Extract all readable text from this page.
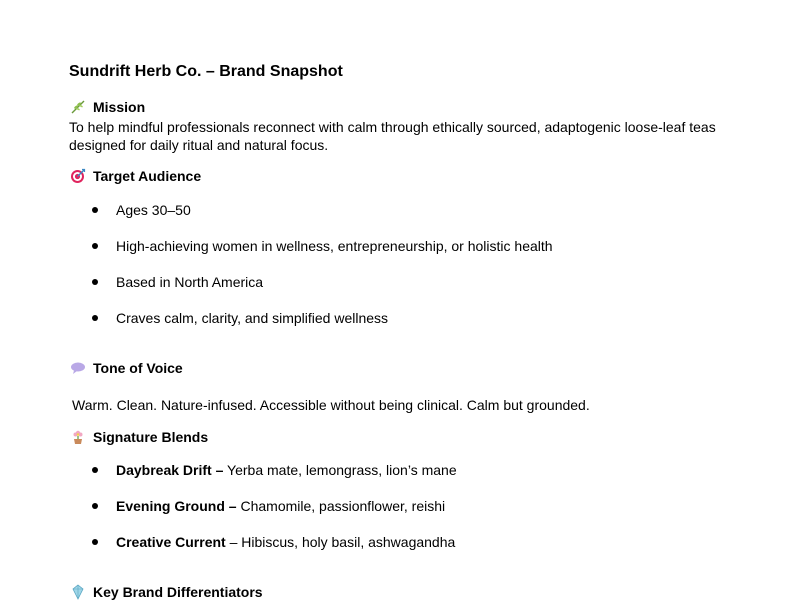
Sundrift Herb Co. – Brand Snapshot
Mission
To help mindful professionals reconnect with calm through ethically sourced, adaptogenic loose-leaf teas designed for daily ritual and natural focus.
Target Audience
Ages 30–50
High-achieving women in wellness, entrepreneurship, or holistic health
Based in North America
Craves calm, clarity, and simplified wellness
Tone of Voice
Warm. Clean. Nature-infused. Accessible without being clinical. Calm but grounded.
Signature Blends
Daybreak Drift – Yerba mate, lemongrass, lion’s mane
Evening Ground – Chamomile, passionflower, reishi
Creative Current – Hibiscus, holy basil, ashwagandha
Key Brand Differentiators
